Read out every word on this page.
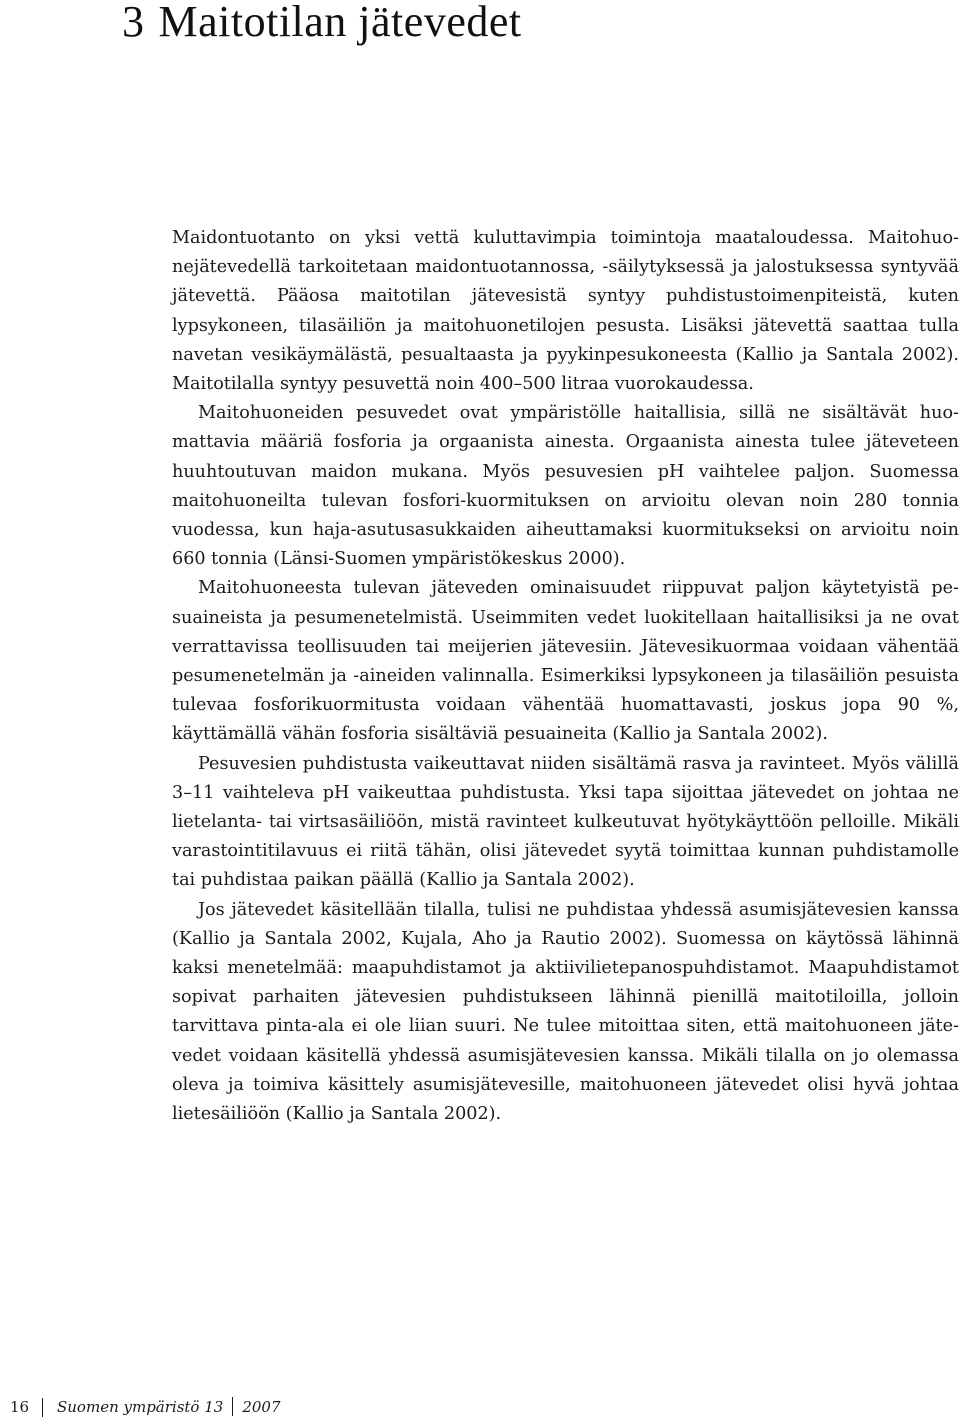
3 Maitotilan jätevedet

Maidontuotanto on yksi vettä kuluttavimpia toimintoja maataloudessa. Maitohuonejätevedellä tarkoitetaan maidontuotannossa, -säilytyksessä ja jalostuksessa syntyvää jätevettä. Pääosa maitotilan jätevesistä syntyy puhdistustoimenpiteistä, kuten lypsykoneen, tilasäiliön ja maitohuonetilojen pesusta. Lisäksi jätevettä saattaa tulla navetan vesikäymälästä, pesualtaasta ja pyykinpesukoneesta (Kallio ja Santala 2002). Maitotilalla syntyy pesuvettä noin 400–500 litraa vuorokaudessa.

Maitohuoneiden pesuvedet ovat ympäristölle haitallisia, sillä ne sisältävät huomattavia määriä fosforia ja orgaanista ainesta. Orgaanista ainesta tulee jäteveteen huuhtoutuvan maidon mukana. Myös pesuvesien pH vaihtelee paljon. Suomessa maitohuoneilta tulevan fosfori-kuormituksen on arvioitu olevan noin 280 tonnia vuodessa, kun haja-asutusasukkaiden aiheuttamaksi kuormitukseksi on arvioitu noin 660 tonnia (Länsi-Suomen ympäristökeskus 2000).

Maitohuoneesta tulevan jäteveden ominaisuudet riippuvat paljon käytetyistä pesuaineista ja pesumenetelmistä. Useimmiten vedet luokitellaan haitallisiksi ja ne ovat verrattavissa teollisuuden tai meijerien jätevesiin. Jätevesikuormaa voidaan vähentää pesumenetelmän ja -aineiden valinnalla. Esimerkiksi lypsykoneen ja tilasäiliön pesuista tulevaa fosforikuormitusta voidaan vähentää huomattavasti, joskus jopa 90 %, käyttämällä vähän fosforia sisältäviä pesuaineita (Kallio ja Santala 2002).

Pesuvesien puhdistusta vaikeuttavat niiden sisältämä rasva ja ravinteet. Myös välillä 3–11 vaihteleva pH vaikeuttaa puhdistusta. Yksi tapa sijoittaa jätevedet on johtaa ne lietelanta- tai virtsasäiliöön, mistä ravinteet kulkeutuvat hyötykäyttöön pelloille. Mikäli varastointitilavuus ei riitä tähän, olisi jätevedet syytä toimittaa kunnan puhdistamolle tai puhdistaa paikan päällä (Kallio ja Santala 2002).

Jos jätevedet käsitellään tilalla, tulisi ne puhdistaa yhdessä asumisjätevesien kanssa (Kallio ja Santala 2002, Kujala, Aho ja Rautio 2002). Suomessa on käytössä lähinnä kaksi menetelmää: maapuhdistamot ja aktiivilietepanospuhdistamot. Maapuhdistamot sopivat parhaiten jätevesien puhdistukseen lähinnä pienillä maitotiloilla, jolloin tarvittava pinta-ala ei ole liian suuri. Ne tulee mitoittaa siten, että maitohuoneen jätevedet voidaan käsitellä yhdessä asumisjätevesien kanssa. Mikäli tilalla on jo olemassa oleva ja toimiva käsittely asumisjätevesille, maitohuoneen jätevedet olisi hyvä johtaa lietesäiliöön (Kallio ja Santala 2002).

16 Suomen ympäristö 13 2007
